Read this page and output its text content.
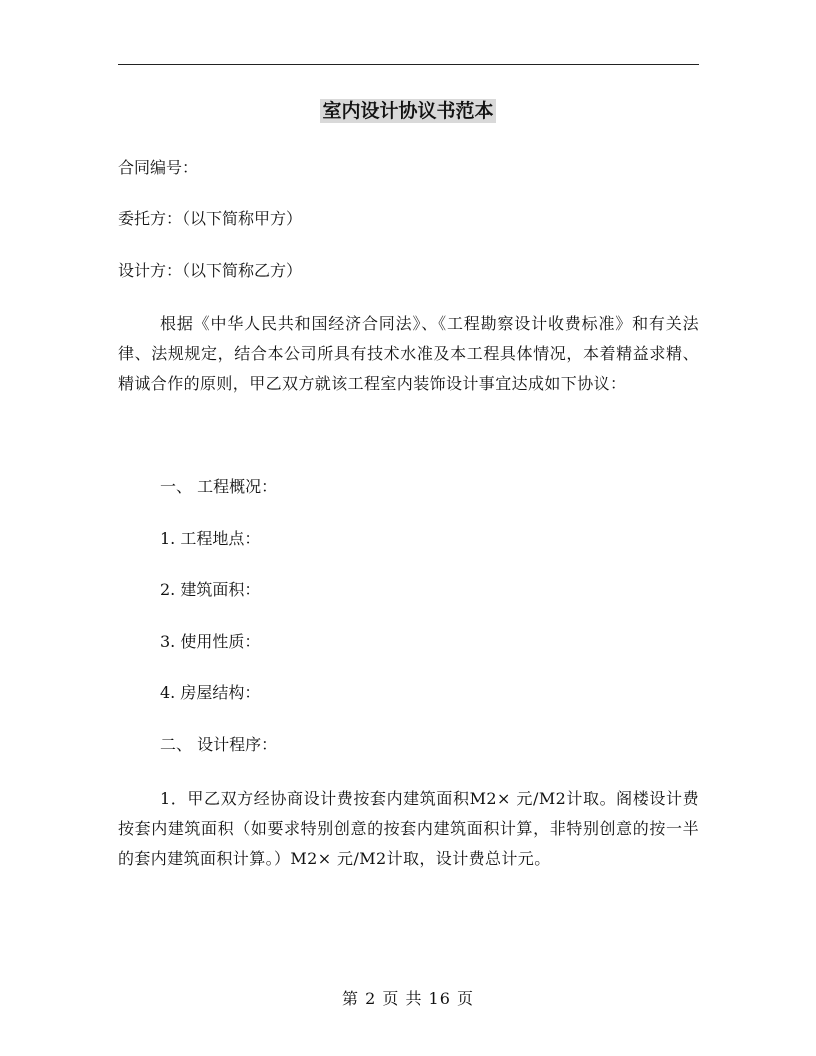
室内设计协议书范本
合同编号：
委托方：（以下简称甲方）
设计方：（以下简称乙方）
根据《中华人民共和国经济合同法》、《工程勘察设计收费标准》和有关法律、法规规定，结合本公司所具有技术水准及本工程具体情况，本着精益求精、精诚合作的原则，甲乙双方就该工程室内装饰设计事宜达成如下协议：
一、 工程概况：
1. 工程地点：
2. 建筑面积：
3. 使用性质：
4. 房屋结构：
二、 设计程序：
1．甲乙双方经协商设计费按套内建筑面积M2× 元/M2计取。阁楼设计费按套内建筑面积（如要求特别创意的按套内建筑面积计算，非特别创意的按一半的套内建筑面积计算。）M2× 元/M2计取，设计费总计元。
第 2 页 共 16 页
